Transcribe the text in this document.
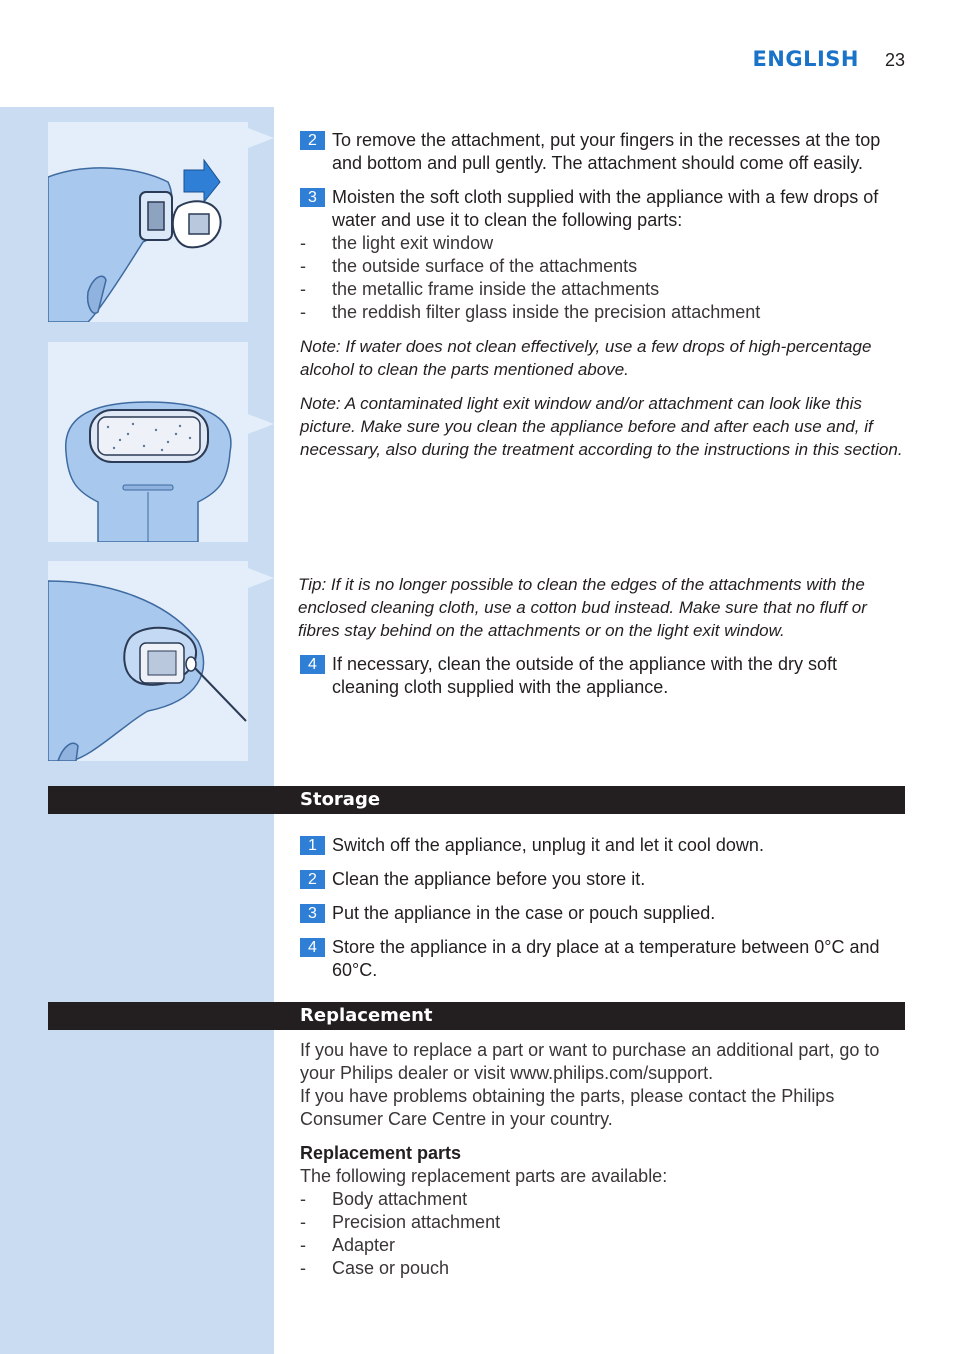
ENGLISH 23
2 To remove the attachment, put your fingers in the recesses at the top and bottom and pull gently. The attachment should come off easily.
3 Moisten the soft cloth supplied with the appliance with a few drops of water and use it to clean the following parts:
- the light exit window
- the outside surface of the attachments
- the metallic frame inside the attachments
- the reddish filter glass inside the precision attachment

Note: If water does not clean effectively, use a few drops of high-percentage alcohol to clean the parts mentioned above.

Note: A contaminated light exit window and/or attachment can look like this picture. Make sure you clean the appliance before and after each use and, if necessary, also during the treatment according to the instructions in this section.

Tip: If it is no longer possible to clean the edges of the attachments with the enclosed cleaning cloth, use a cotton bud instead. Make sure that no fluff or fibres stay behind on the attachments or on the light exit window.

4 If necessary, clean the outside of the appliance with the dry soft cleaning cloth supplied with the appliance.
Storage
1 Switch off the appliance, unplug it and let it cool down.
2 Clean the appliance before you store it.
3 Put the appliance in the case or pouch supplied.
4 Store the appliance in a dry place at a temperature between 0°C and 60°C.
Replacement
If you have to replace a part or want to purchase an additional part, go to your Philips dealer or visit www.philips.com/support.
If you have problems obtaining the parts, please contact the Philips Consumer Care Centre in your country.
Replacement parts
The following replacement parts are available:
- Body attachment
- Precision attachment
- Adapter
- Case or pouch
